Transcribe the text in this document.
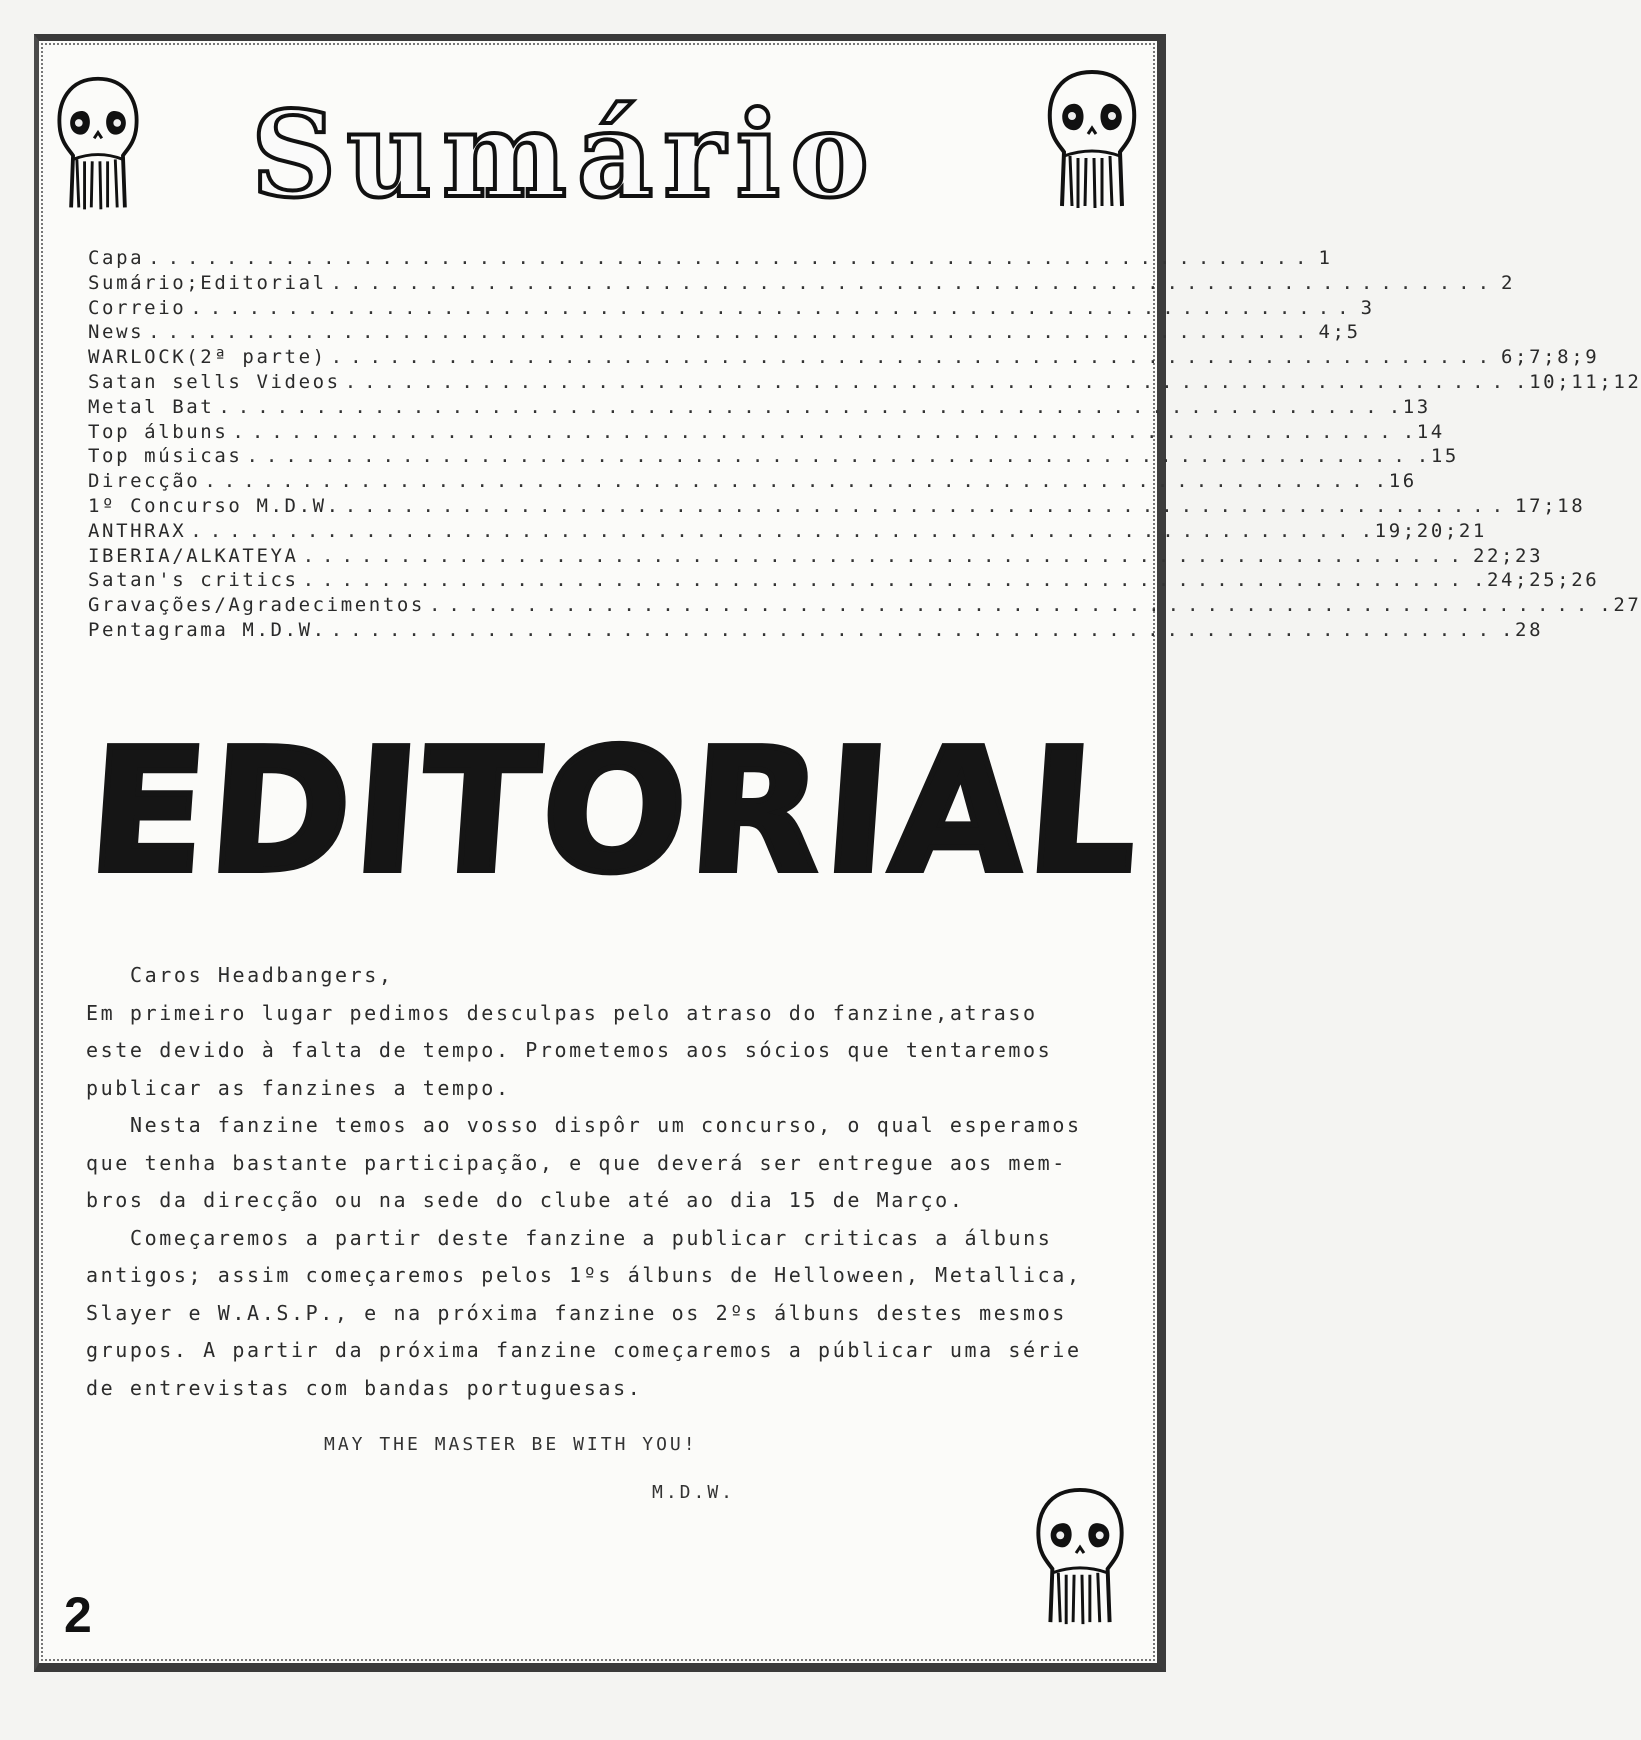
Sumário
Capa ............................................................ 1
Sumário;Editorial ............................................................ 2
Correio ............................................................ 3
News ............................................................ 4;5
WARLOCK(2ª parte) ............................................................ 6;7;8;9
Satan sells Videos ............................................................ .10;11;12
Metal Bat ............................................................ .13
Top álbuns ............................................................ .14
Top músicas ............................................................ .15
Direcção ............................................................ .16
1º Concurso M.D.W. ............................................................ 17;18
ANTHRAX ............................................................ .19;20;21
IBERIA/ALKATEYA ............................................................ 22;23
Satan's critics ............................................................ .24;25;26
Gravações/Agradecimentos ............................................................ .27
Pentagrama M.D.W. ............................................................ .28
EDITORIAL
Caros Headbangers,
Em primeiro lugar pedimos desculpas pelo atraso do fanzine,atraso
este devido à falta de tempo. Prometemos aos sócios que tentaremos
publicar as fanzines a tempo.
Nesta fanzine temos ao vosso dispôr um concurso, o qual esperamos
que tenha bastante participação, e que deverá ser entregue aos mem-
bros da direcção ou na sede do clube até ao dia 15 de Março.
Começaremos a partir deste fanzine a publicar criticas a álbuns
antigos; assim começaremos pelos 1ºs álbuns de Helloween, Metallica,
Slayer e W.A.S.P., e na próxima fanzine os 2ºs álbuns destes mesmos
grupos. A partir da próxima fanzine começaremos a públicar uma série
de entrevistas com bandas portuguesas.
MAY THE MASTER BE WITH YOU!
M.D.W.
2
